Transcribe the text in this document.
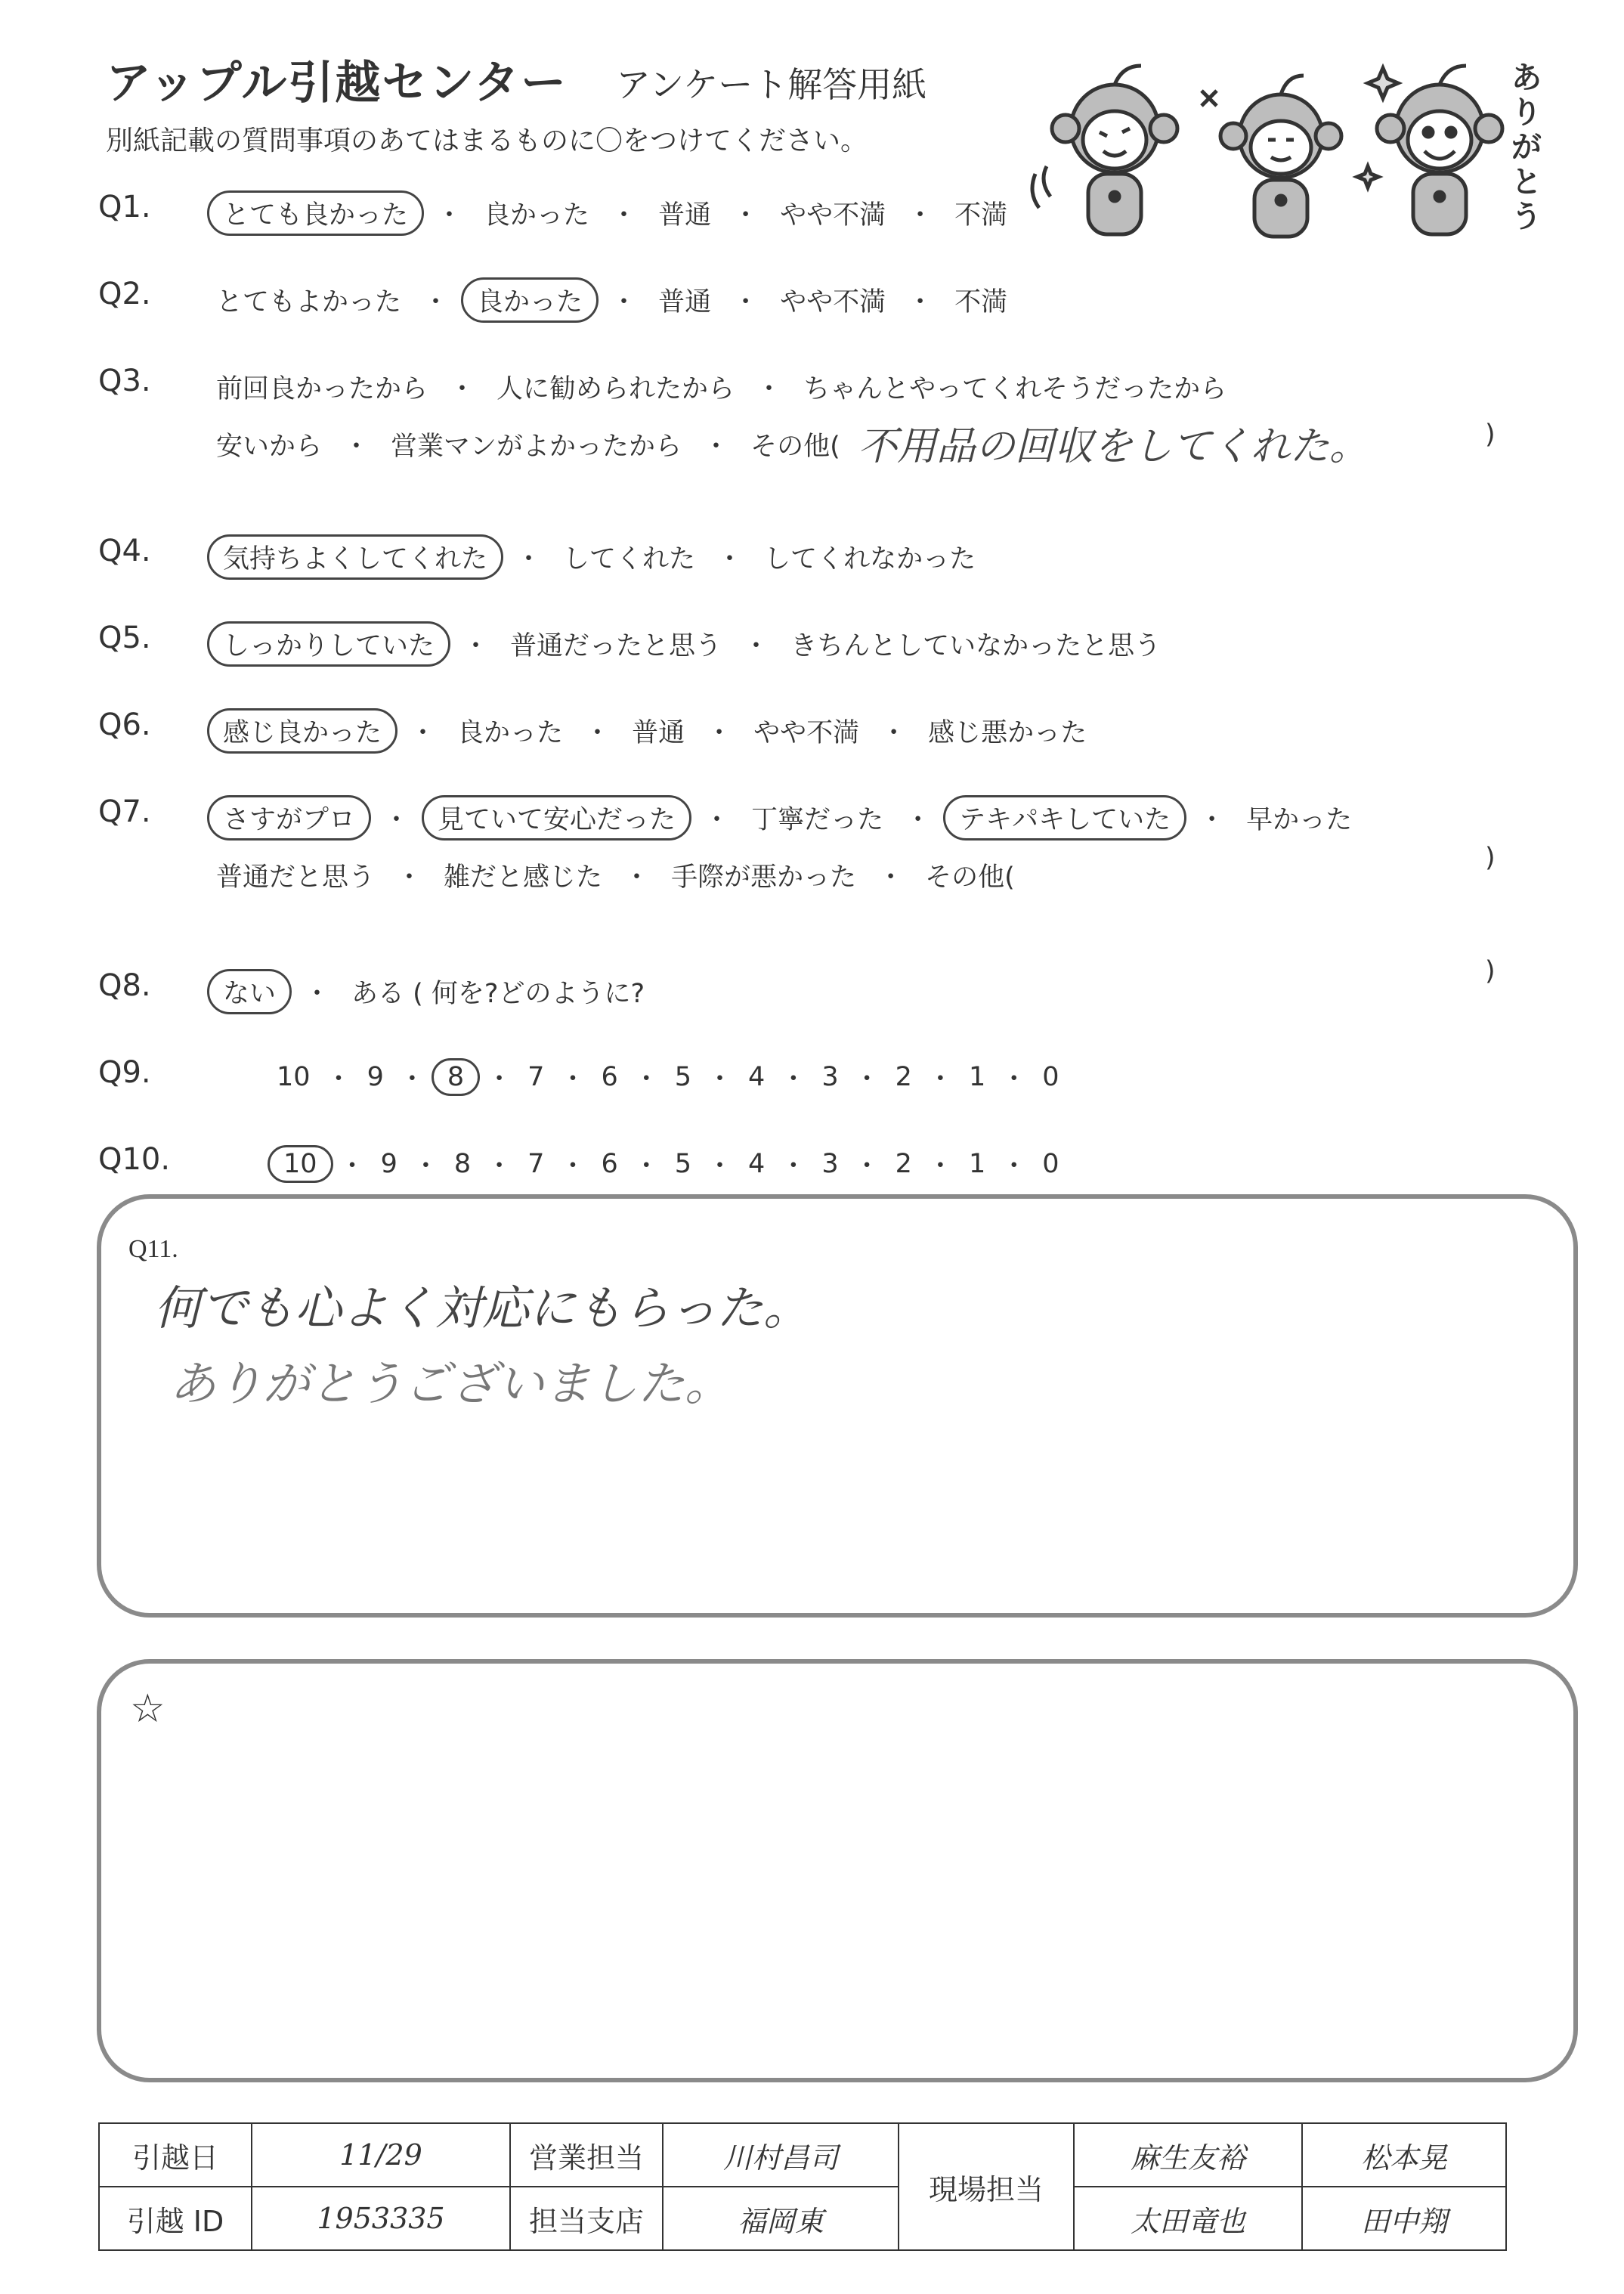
アップル引越センター アンケート解答用紙
別紙記載の質問事項のあてはまるものに〇をつけてください。
ありがとう
Q1.	とても良かった	・ 良かった ・ 普通 ・ やや不満 ・ 不満
Q2. とてもよかった ・	良かった	・ 普通 ・ やや不満 ・ 不満
Q3. 前回良かったから ・ 人に勧められたから ・ ちゃんとやってくれそうだったから
安いから ・ 営業マンがよかったから ・ その他(
Q4.	気持ちよくしてくれた	・ してくれた ・ してくれなかった
Q5.	しっかりしていた	・ 普通だったと思う ・ きちんとしていなかったと思う
Q6.	感じ良かった	・ 良かった ・ 普通 ・ やや不満 ・ 感じ悪かった
Q7.	さすがプロ	・	見ていて安心だった	・ 丁寧だった ・	テキパキしていた	・ 早かった
普通だと思う ・ 雑だと感じた ・ 手際が悪かった ・ その他(
Q8.	ない	・ ある ( 何を?どのように?
Q9.	10 ・ 9 ・ 8 ・ 7 ・ 6 ・ 5 ・ 4 ・ 3 ・ 2 ・ 1 ・ 0
Q10.	10 ・ 9 ・ 8 ・ 7 ・ 6 ・ 5 ・ 4 ・ 3 ・ 2 ・ 1 ・ 0
不用品の回収をしてくれた。	)
)
)
Q11.
何でも心よく対応にもらった。
ありがとうございました。
☆
引越日	11/29	営業担当	川村昌司	現場担当	麻生友裕	松本晃
引越 ID	1953335	担当支店	福岡東		太田竜也	田中翔
